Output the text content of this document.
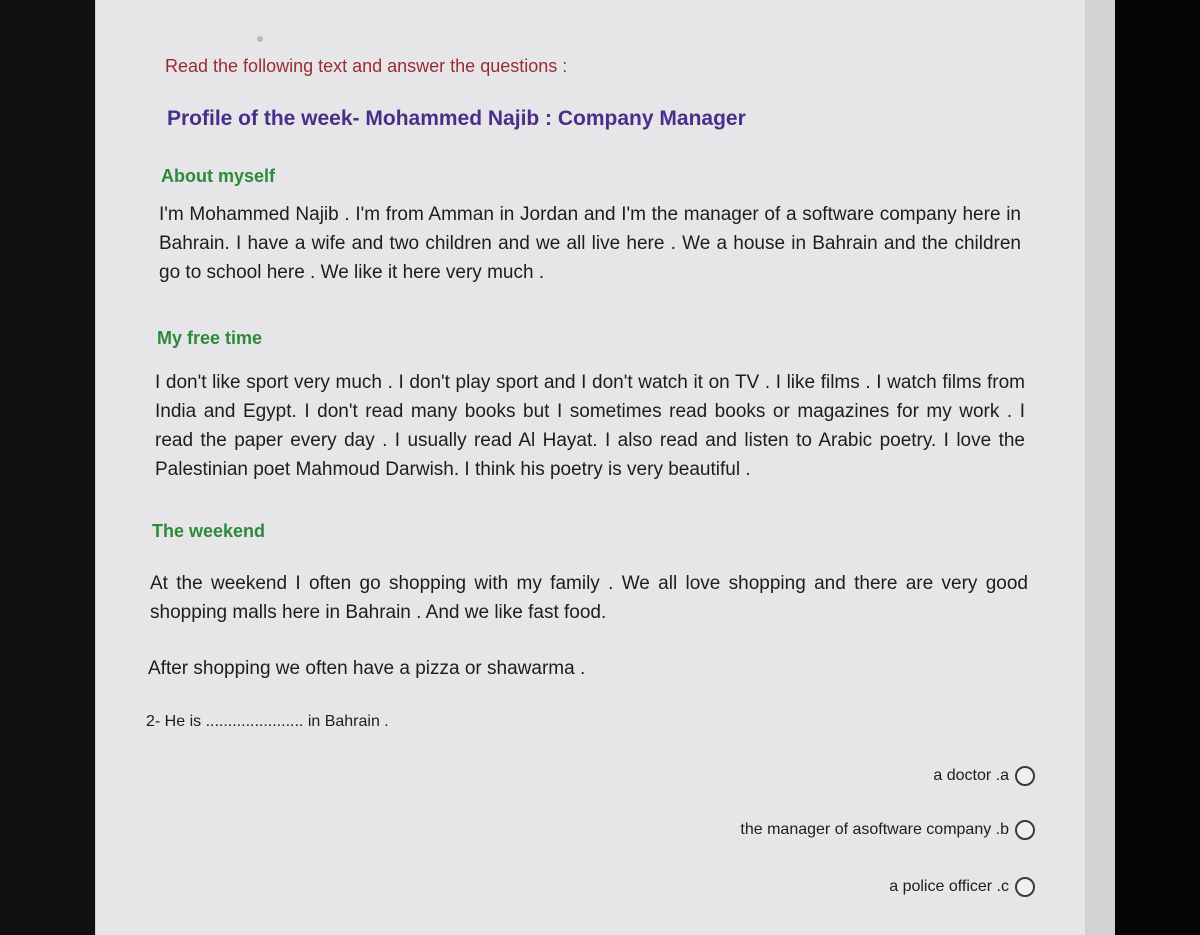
Read the following text and answer the questions :
Profile of the week- Mohammed Najib : Company Manager
About myself
I'm Mohammed Najib . I'm from Amman in Jordan and I'm the manager of a software company here in Bahrain. I have a wife and two children and we all live here . We a house in Bahrain and the children go to school here . We like it here very much .
My free time
I don't like sport very much . I don't play sport and I don't watch it on TV . I like films . I watch films from India and Egypt. I don't read many books but I sometimes read books or magazines for my work . I read the paper every day . I usually read Al Hayat. I also read and listen to Arabic poetry. I love the Palestinian poet Mahmoud Darwish. I think his poetry is very beautiful .
The weekend
At the weekend I often go shopping with my family . We all love shopping and there are very good shopping malls here in Bahrain . And we like fast food.
After shopping we often have a pizza or shawarma .
2- He is ...................... in Bahrain .
a doctor .a
the manager of asoftware company .b
a police officer .c
